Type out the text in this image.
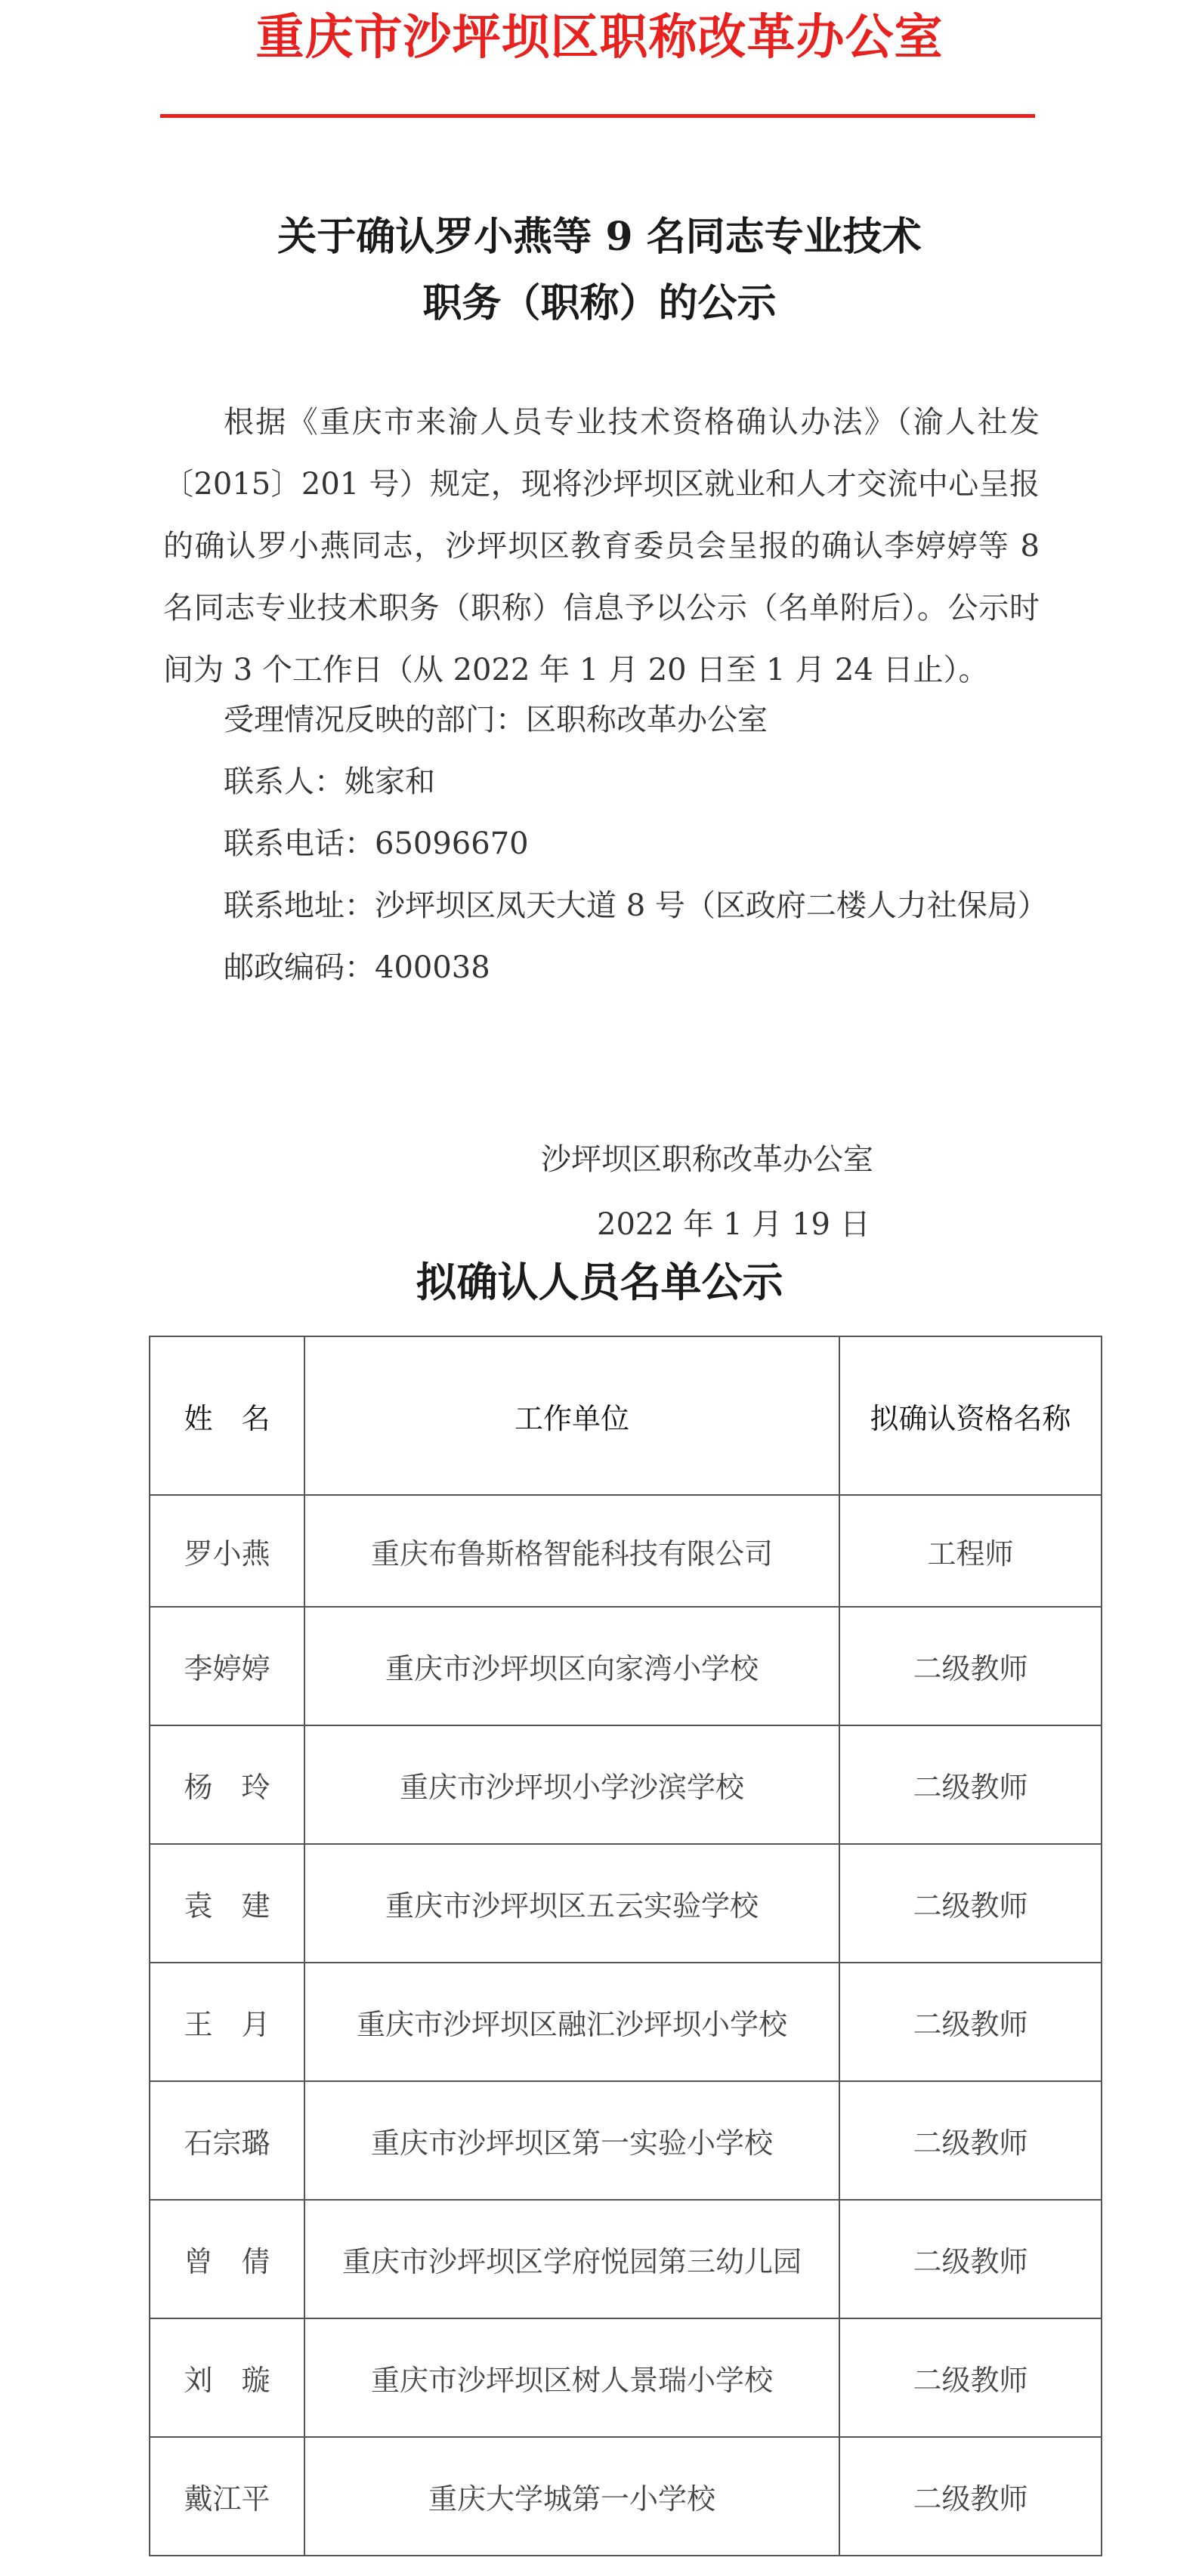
重庆市沙坪坝区职称改革办公室
关于确认罗小燕等 9 名同志专业技术
职务（职称）的公示

根据《重庆市来渝人员专业技术资格确认办法》（渝人社发〔2015〕201 号）规定，现将沙坪坝区就业和人才交流中心呈报的确认罗小燕同志，沙坪坝区教育委员会呈报的确认李婷婷等 8 名同志专业技术职务（职称）信息予以公示（名单附后）。公示时间为 3 个工作日（从 2022 年 1 月 20 日至 1 月 24 日止）。

受理情况反映的部门：区职称改革办公室
联系人：姚家和
联系电话：65096670
联系地址：沙坪坝区凤天大道 8 号（区政府二楼人力社保局）
邮政编码：400038
沙坪坝区职称改革办公室
2022 年 1 月 19 日
拟确认人员名单公示
姓　名	工作单位	拟确认资格名称
罗小燕	重庆布鲁斯格智能科技有限公司	工程师
李婷婷	重庆市沙坪坝区向家湾小学校	二级教师
杨　玲	重庆市沙坪坝小学沙滨学校	二级教师
袁　建	重庆市沙坪坝区五云实验学校	二级教师
王　月	重庆市沙坪坝区融汇沙坪坝小学校	二级教师
石宗璐	重庆市沙坪坝区第一实验小学校	二级教师
曾　倩	重庆市沙坪坝区学府悦园第三幼儿园	二级教师
刘　璇	重庆市沙坪坝区树人景瑞小学校	二级教师
戴江平	重庆大学城第一小学校	二级教师
